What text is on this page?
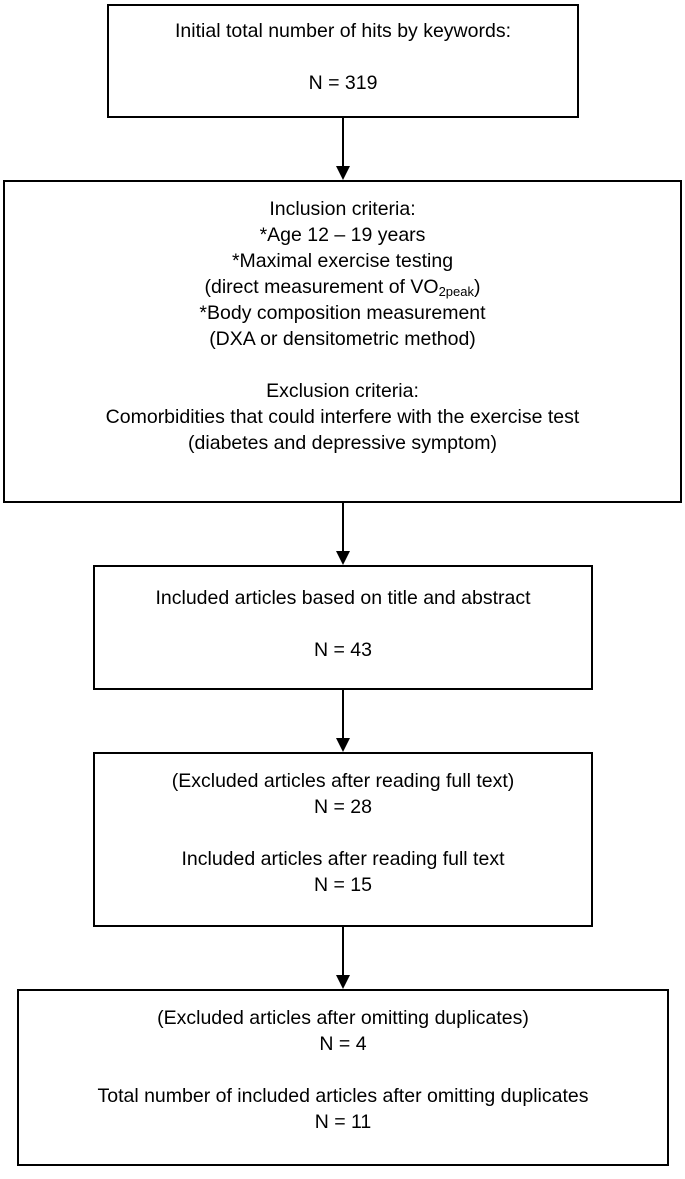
Initial total number of hits by keywords:
N = 319
Inclusion criteria:
*Age 12 – 19 years
*Maximal exercise testing
(direct measurement of $VO_{2peak}$)
*Body composition measurement
(DXA or densitometric method)
Exclusion criteria:
Comorbidities that could interfere with the exercise test
(diabetes and depressive symptom)
Included articles based on title and abstract
N = 43
(Excluded articles after reading full text)
N = 28
Included articles after reading full text
N = 15
(Excluded articles after omitting duplicates)
N = 4
Total number of included articles after omitting duplicates
N = 11
